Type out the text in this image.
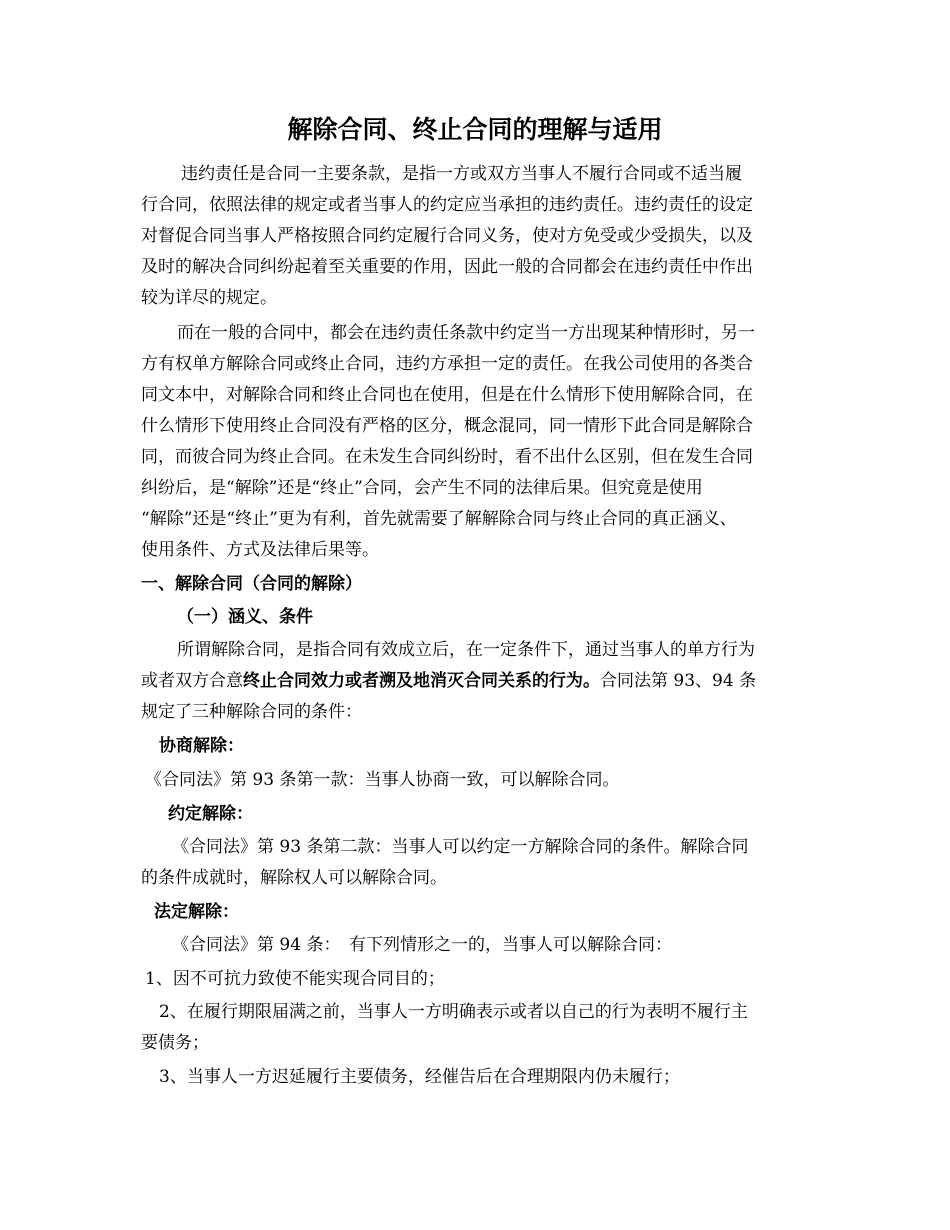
解除合同、终止合同的理解与适用
违约责任是合同一主要条款，是指一方或双方当事人不履行合同或不适当履
行合同，依照法律的规定或者当事人的约定应当承担的违约责任。违约责任的设定
对督促合同当事人严格按照合同约定履行合同义务，使对方免受或少受损失，以及
及时的解决合同纠纷起着至关重要的作用，因此一般的合同都会在违约责任中作出
较为详尽的规定。
而在一般的合同中，都会在违约责任条款中约定当一方出现某种情形时，另一
方有权单方解除合同或终止合同，违约方承担一定的责任。在我公司使用的各类合
同文本中，对解除合同和终止合同也在使用，但是在什么情形下使用解除合同，在
什么情形下使用终止合同没有严格的区分，概念混同，同一情形下此合同是解除合
同，而彼合同为终止合同。在未发生合同纠纷时，看不出什么区别，但在发生合同
纠纷后，是“解除”还是“终止”合同，会产生不同的法律后果。但究竟是使用
“解除”还是“终止”更为有利，首先就需要了解解除合同与终止合同的真正涵义、
使用条件、方式及法律后果等。
一、解除合同（合同的解除）
（一）涵义、条件
所谓解除合同，是指合同有效成立后，在一定条件下，通过当事人的单方行为
或者双方合意终止合同效力或者溯及地消灭合同关系的行为。合同法第 93、94 条
规定了三种解除合同的条件：
协商解除：
《合同法》第 93 条第一款：当事人协商一致，可以解除合同。
约定解除：
《合同法》第 93 条第二款：当事人可以约定一方解除合同的条件。解除合同
的条件成就时，解除权人可以解除合同。
法定解除：
《合同法》第 94 条：　有下列情形之一的，当事人可以解除合同：
1、因不可抗力致使不能实现合同目的；
2、在履行期限届满之前，当事人一方明确表示或者以自己的行为表明不履行主
要债务；
3、当事人一方迟延履行主要债务，经催告后在合理期限内仍未履行；
